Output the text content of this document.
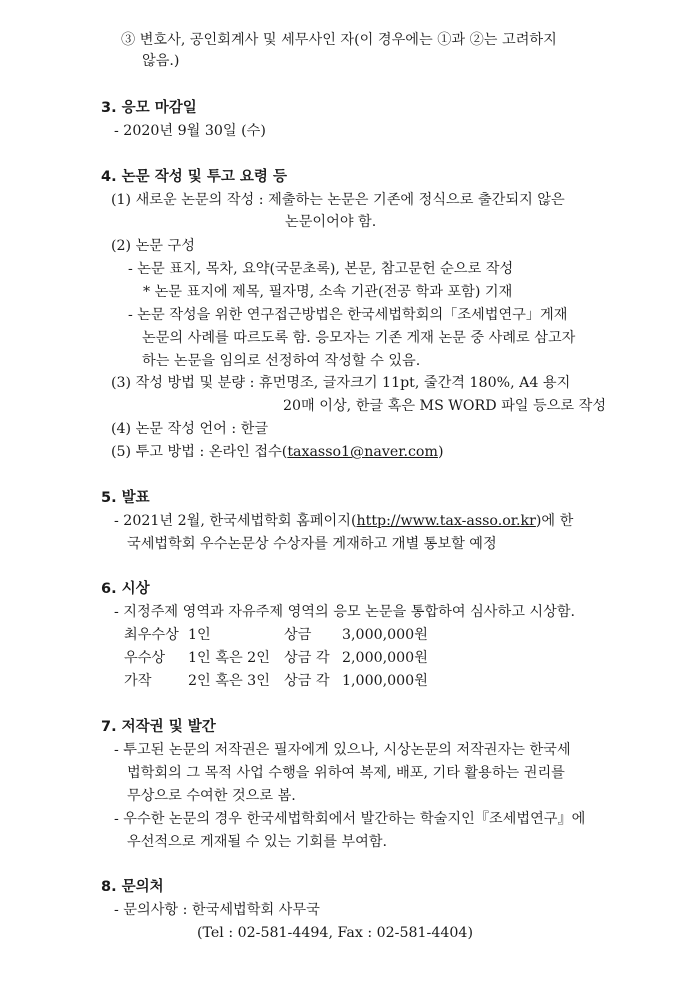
③ 변호사, 공인회계사 및 세무사인 자(이 경우에는 ①과 ②는 고려하지
않음.)
3. 응모 마감일
- 2020년 9월 30일 (수)
4. 논문 작성 및 투고 요령 등
(1) 새로운 논문의 작성 : 제출하는 논문은 기존에 정식으로 출간되지 않은
논문이어야 함.
(2) 논문 구성
- 논문 표지, 목차, 요약(국문초록), 본문, 참고문헌 순으로 작성
* 논문 표지에 제목, 필자명, 소속 기관(전공 학과 포함) 기재
- 논문 작성을 위한 연구접근방법은 한국세법학회의「조세법연구」게재
논문의 사례를 따르도록 함. 응모자는 기존 게재 논문 중 사례로 삼고자
하는 논문을 임의로 선정하여 작성할 수 있음.
(3) 작성 방법 및 분량 : 휴먼명조, 글자크기 11pt, 줄간격 180%, A4 용지
20매 이상, 한글 혹은 MS WORD 파일 등으로 작성
(4) 논문 작성 언어 : 한글
(5) 투고 방법 : 온라인 접수(taxasso1@naver.com)
5. 발표
- 2021년 2월, 한국세법학회 홈페이지(http://www.tax-asso.or.kr)에 한
국세법학회 우수논문상 수상자를 게재하고 개별 통보할 예정
6. 시상
- 지정주제 영역과 자유주제 영역의 응모 논문을 통합하여 심사하고 시상함.
최우수상 1인	상금 3,000,000원
우수상 1인 혹은 2인 상금 각 2,000,000원
가작	2인 혹은 3인 상금 각 1,000,000원
7. 저작권 및 발간
- 투고된 논문의 저작권은 필자에게 있으나, 시상논문의 저작권자는 한국세
법학회의 그 목적 사업 수행을 위하여 복제, 배포, 기타 활용하는 권리를
무상으로 수여한 것으로 봄.
- 우수한 논문의 경우 한국세법학회에서 발간하는 학술지인『조세법연구』에
우선적으로 게재될 수 있는 기회를 부여함.
8. 문의처
- 문의사항 : 한국세법학회 사무국
(Tel : 02-581-4494, Fax : 02-581-4404)
